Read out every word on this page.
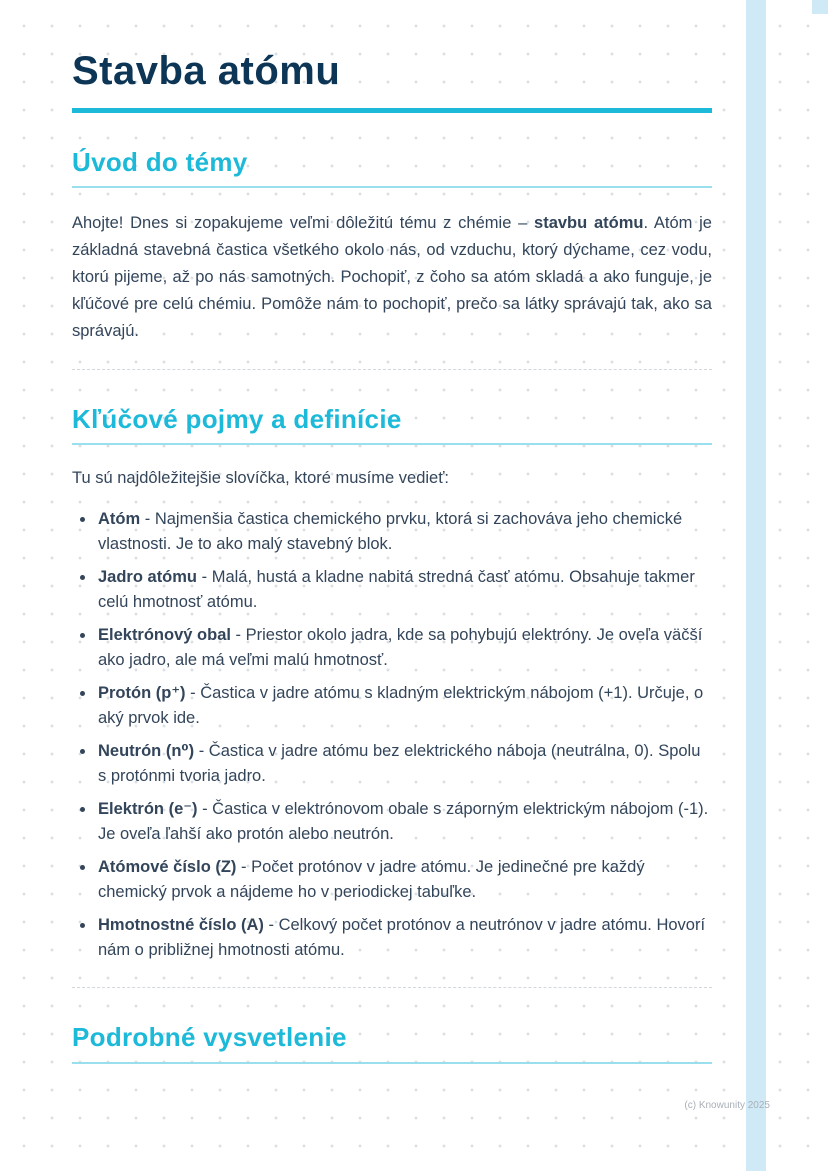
Stavba atómu
Úvod do témy

Ahojte! Dnes si zopakujeme veľmi dôležitú tému z chémie – stavbu atómu. Atóm je základná stavebná častica všetkého okolo nás, od vzduchu, ktorý dýchame, cez vodu, ktorú pijeme, až po nás samotných. Pochopiť, z čoho sa atóm skladá a ako funguje, je kľúčové pre celú chémiu. Pomôže nám to pochopiť, prečo sa látky správajú tak, ako sa správajú.

Kľúčové pojmy a definície

Tu sú najdôležitejšie slovíčka, ktoré musíme vedieť:

• Atóm - Najmenšia častica chemického prvku, ktorá si zachováva jeho chemické vlastnosti. Je to ako malý stavebný blok.
• Jadro atómu - Malá, hustá a kladne nabitá stredná časť atómu. Obsahuje takmer celú hmotnosť atómu.
• Elektrónový obal - Priestor okolo jadra, kde sa pohybujú elektróny. Je oveľa väčší ako jadro, ale má veľmi malú hmotnosť.
• Protón (p⁺) - Častica v jadre atómu s kladným elektrickým nábojom (+1). Určuje, o aký prvok ide.
• Neutrón (n⁰) - Častica v jadre atómu bez elektrického náboja (neutrálna, 0). Spolu s protónmi tvoria jadro.
• Elektrón (e⁻) - Častica v elektrónovom obale s záporným elektrickým nábojom (-1). Je oveľa ľahší ako protón alebo neutrón.
• Atómové číslo (Z) - Počet protónov v jadre atómu. Je jedinečné pre každý chemický prvok a nájdeme ho v periodickej tabuľke.
• Hmotnostné číslo (A) - Celkový počet protónov a neutrónov v jadre atómu. Hovorí nám o približnej hmotnosti atómu.
Podrobné vysvetlenie
(c) Knowunity 2025
